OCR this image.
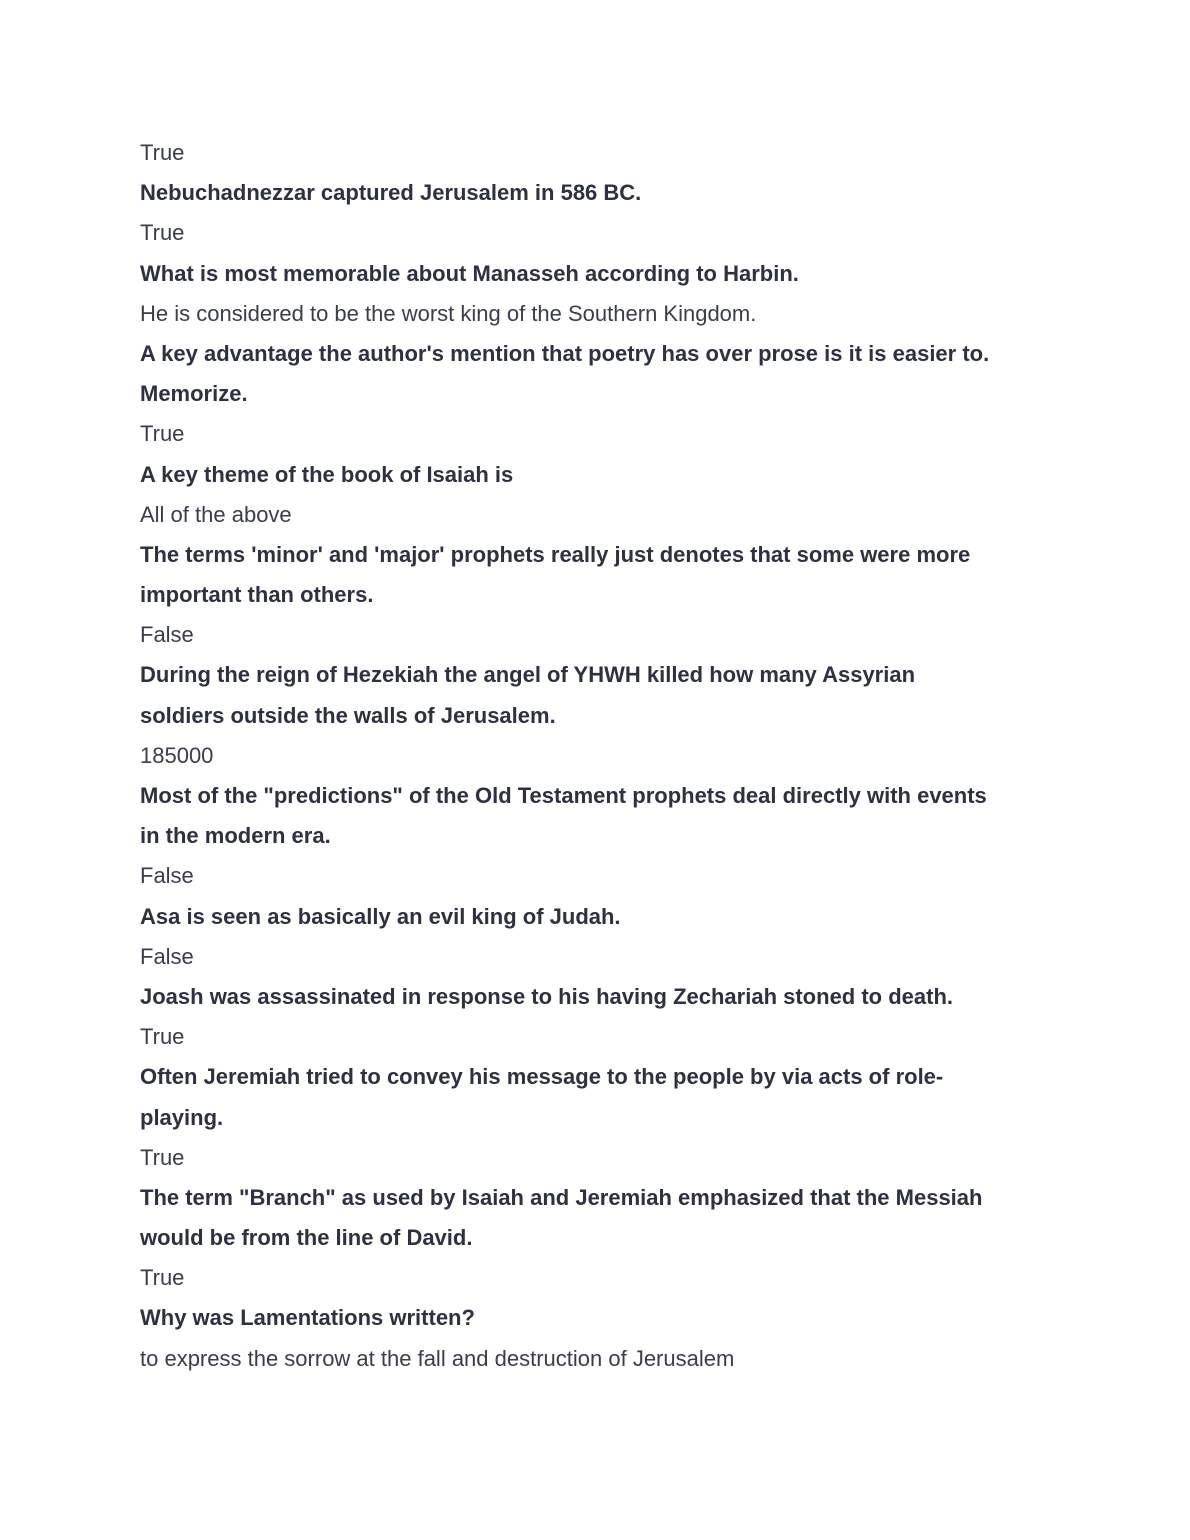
True
Nebuchadnezzar captured Jerusalem in 586 BC.
True
What is most memorable about Manasseh according to Harbin.
He is considered to be the worst king of the Southern Kingdom.
A key advantage the author's mention that poetry has over prose is it is easier to.
Memorize.
True
A key theme of the book of Isaiah is
All of the above
The terms 'minor' and 'major' prophets really just denotes that some were more
important than others.
False
During the reign of Hezekiah the angel of YHWH killed how many Assyrian
soldiers outside the walls of Jerusalem.
185000
Most of the "predictions" of the Old Testament prophets deal directly with events
in the modern era.
False
Asa is seen as basically an evil king of Judah.
False
Joash was assassinated in response to his having Zechariah stoned to death.
True
Often Jeremiah tried to convey his message to the people by via acts of role-
playing.
True
The term "Branch" as used by Isaiah and Jeremiah emphasized that the Messiah
would be from the line of David.
True
Why was Lamentations written?
to express the sorrow at the fall and destruction of Jerusalem
